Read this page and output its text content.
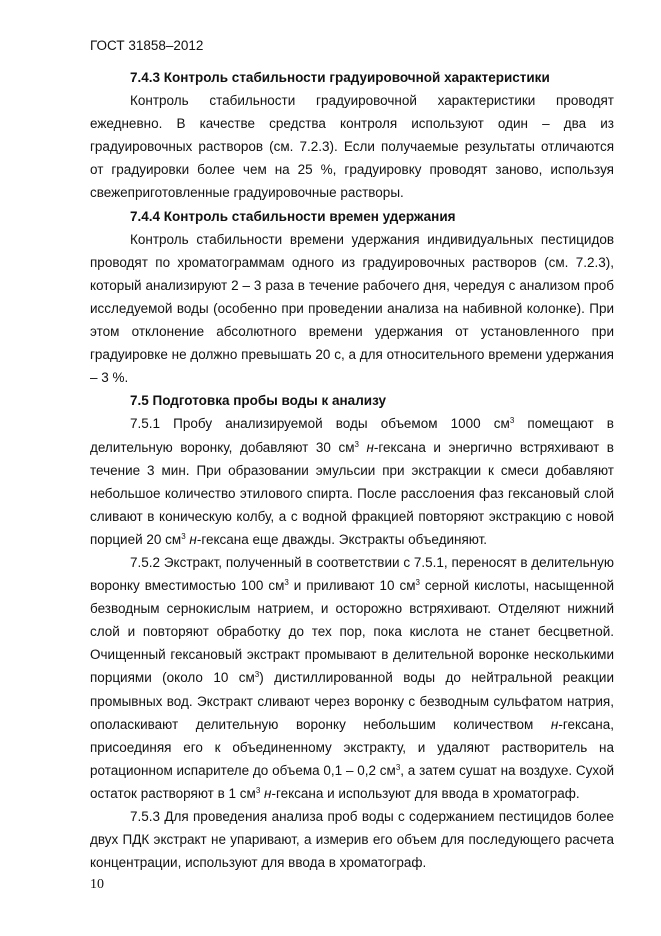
ГОСТ 31858–2012
7.4.3 Контроль стабильности градуировочной характеристики

Контроль стабильности градуировочной характеристики проводят ежедневно. В качестве средства контроля используют один – два из градуировочных растворов (см. 7.2.3). Если получаемые результаты отличаются от градуировки более чем на 25 %, градуировку проводят заново, используя свежеприготовленные градуировочные растворы.

7.4.4 Контроль стабильности времен удержания

Контроль стабильности времени удержания индивидуальных пестицидов проводят по хроматограммам одного из градуировочных растворов (см. 7.2.3), который анализируют 2 – 3 раза в течение рабочего дня, чередуя с анализом проб исследуемой воды (особенно при проведении анализа на набивной колонке). При этом отклонение абсолютного времени удержания от установленного при градуировке не должно превышать 20 с, а для относительного времени удержания – 3 %.

7.5 Подготовка пробы воды к анализу

7.5.1 Пробу анализируемой воды объемом 1000 $см^3$ помещают в делительную воронку, добавляют 30 $см^3$ н-гексана и энергично встряхивают в течение 3 мин. При образовании эмульсии при экстракции к смеси добавляют небольшое количество этилового спирта. После расслоения фаз гексановый слой сливают в коническую колбу, а с водной фракцией повторяют экстракцию с новой порцией 20 $см^3$ н-гексана еще дважды. Экстракты объединяют.

7.5.2 Экстракт, полученный в соответствии с 7.5.1, переносят в делительную воронку вместимостью 100 $см^3$ и приливают 10 $см^3$ серной кислоты, насыщенной безводным сернокислым натрием, и осторожно встряхивают. Отделяют нижний слой и повторяют обработку до тех пор, пока кислота не станет бесцветной. Очищенный гексановый экстракт промывают в делительной воронке несколькими порциями (около 10 $см^3$) дистиллированной воды до нейтральной реакции промывных вод. Экстракт сливают через воронку с безводным сульфатом натрия, ополаскивают делительную воронку небольшим количеством н-гексана, присоединяя его к объединенному экстракту, и удаляют растворитель на ротационном испарителе до объема 0,1 – 0,2 $см^3$, а затем сушат на воздухе. Сухой остаток растворяют в 1 $см^3$ н-гексана и используют для ввода в хроматограф.

7.5.3 Для проведения анализа проб воды с содержанием пестицидов более двух ПДК экстракт не упаривают, а измерив его объем для последующего расчета концентрации, используют для ввода в хроматограф.

10
